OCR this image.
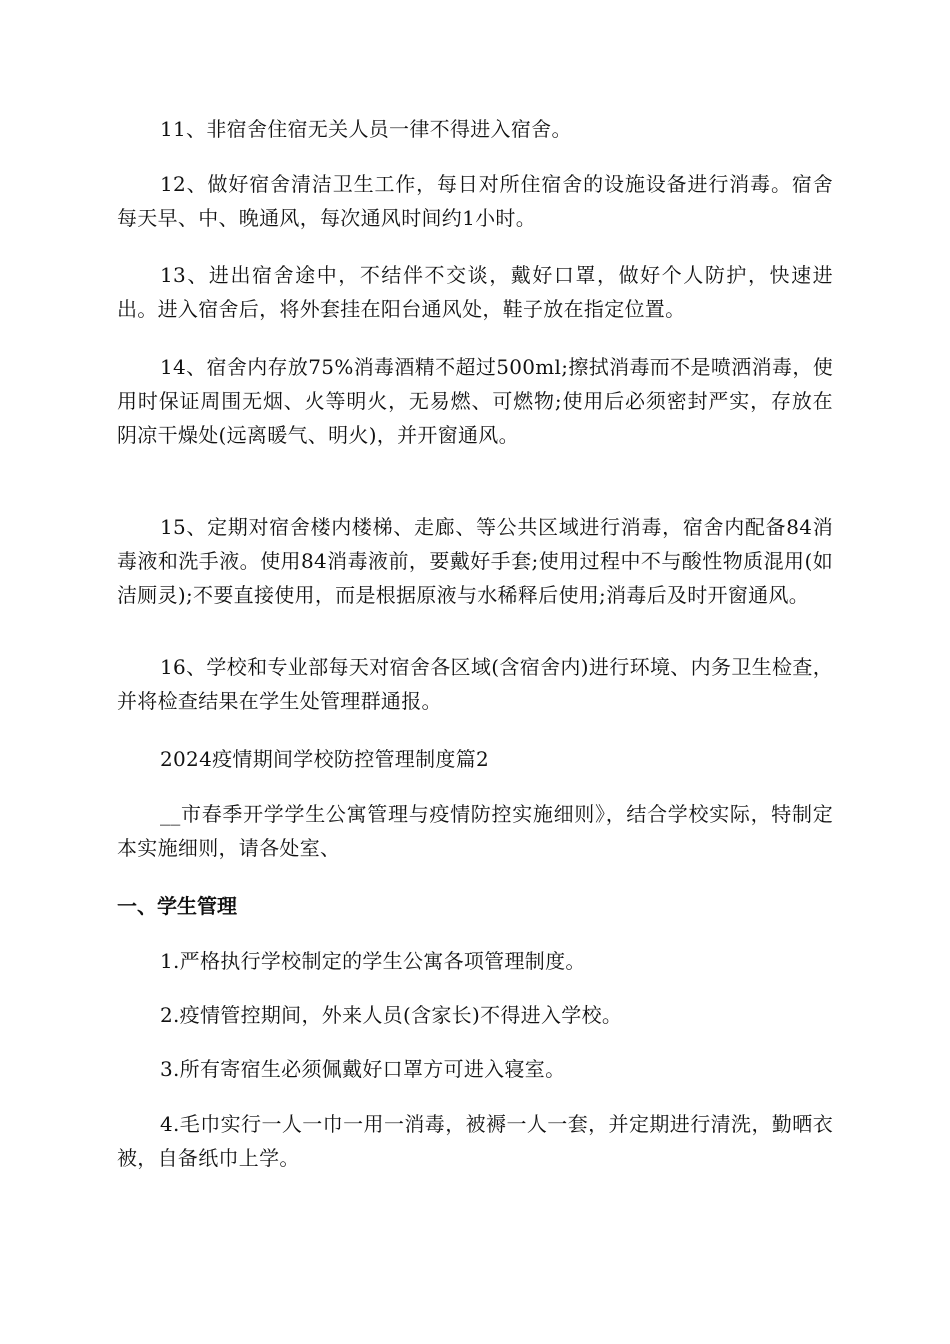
11、非宿舍住宿无关人员一律不得进入宿舍。

12、做好宿舍清洁卫生工作，每日对所住宿舍的设施设备进行消毒。宿舍每天早、中、晚通风，每次通风时间约1小时。

13、进出宿舍途中，不结伴不交谈，戴好口罩，做好个人防护，快速进出。进入宿舍后，将外套挂在阳台通风处，鞋子放在指定位置。

14、宿舍内存放75%消毒酒精不超过500ml;擦拭消毒而不是喷洒消毒，使用时保证周围无烟、火等明火，无易燃、可燃物;使用后必须密封严实，存放在阴凉干燥处(远离暖气、明火)，并开窗通风。

15、定期对宿舍楼内楼梯、走廊、等公共区域进行消毒，宿舍内配备84消毒液和洗手液。使用84消毒液前，要戴好手套;使用过程中不与酸性物质混用(如洁厕灵);不要直接使用，而是根据原液与水稀释后使用;消毒后及时开窗通风。

16、学校和专业部每天对宿舍各区域(含宿舍内)进行环境、内务卫生检查，并将检查结果在学生处管理群通报。

2024疫情期间学校防控管理制度篇2

__市春季开学学生公寓管理与疫情防控实施细则》，结合学校实际，特制定本实施细则，请各处室、

一、学生管理

1.严格执行学校制定的学生公寓各项管理制度。

2.疫情管控期间，外来人员(含家长)不得进入学校。

3.所有寄宿生必须佩戴好口罩方可进入寝室。

4.毛巾实行一人一巾一用一消毒，被褥一人一套，并定期进行清洗，勤晒衣被，自备纸巾上学。
